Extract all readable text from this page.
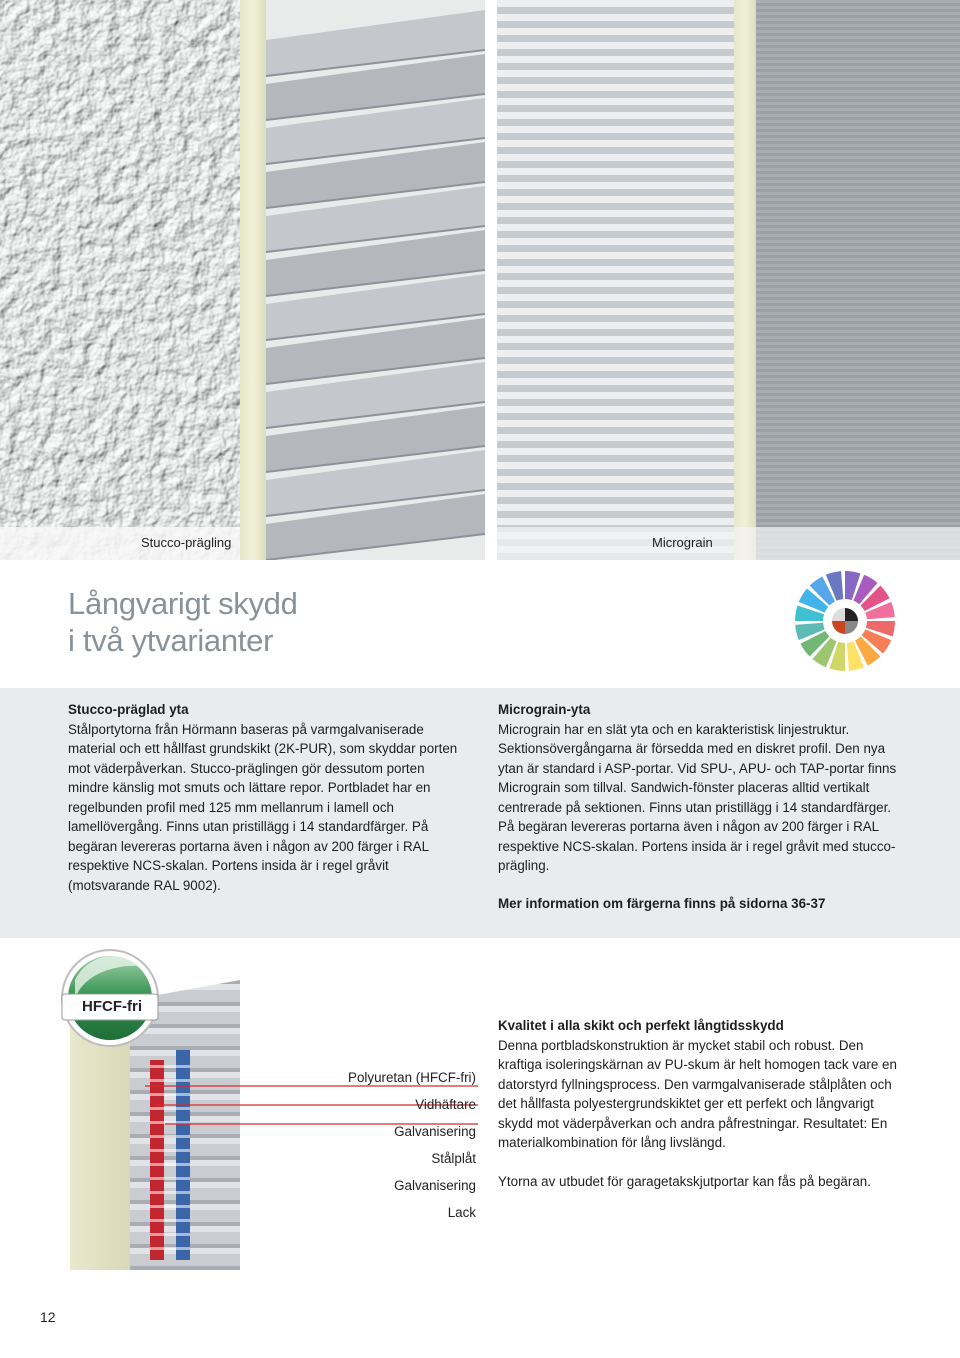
Stucco-prägling	Micrograin
Långvarigt skydd
i två ytvarianter
Stucco-präglad yta

Stålportytorna från Hörmann baseras på varmgalvaniserade material och ett hållfast grundskikt (2K-PUR), som skyddar porten mot väderpåverkan. Stucco-präglingen gör dessutom porten mindre känslig mot smuts och lättare repor. Portbladet har en regelbunden profil med 125 mm mellanrum i lamell och lamellövergång. Finns utan pristillägg i 14 standardfärger. På begäran levereras portarna även i någon av 200 färger i RAL respektive NCS-skalan. Portens insida är i regel gråvit (motsvarande RAL 9002).

Micrograin-yta

Micrograin har en slät yta och en karakteristisk linjestruktur. Sektionsövergångarna är försedda med en diskret profil. Den nya ytan är standard i ASP-portar. Vid SPU-, APU- och TAP-portar finns Micrograin som tillval. Sandwich-fönster placeras alltid vertikalt centrerade på sektionen. Finns utan pristillägg i 14 standardfärger. På begäran levereras portarna även i någon av 200 färger i RAL respektive NCS-skalan. Portens insida är i regel gråvit med stucco-prägling.

Mer information om färgerna finns på sidorna 36-37

HFCF-fri
Polyuretan (HFCF-fri)
Vidhäftare
Galvanisering
Stålplåt
Galvanisering
Lack
Kvalitet i alla skikt och perfekt långtidsskydd

Denna portbladskonstruktion är mycket stabil och robust. Den kraftiga isoleringskärnan av PU-skum är helt homogen tack vare en datorstyrd fyllningsprocess. Den varmgalvaniserade stålplåten och det hållfasta polyestergrundskiktet ger ett perfekt och långvarigt skydd mot väderpåverkan och andra påfrestningar. Resultatet: En materialkombination för lång livslängd.

Ytorna av utbudet för garagetakskjutportar kan fås på begäran.

12
